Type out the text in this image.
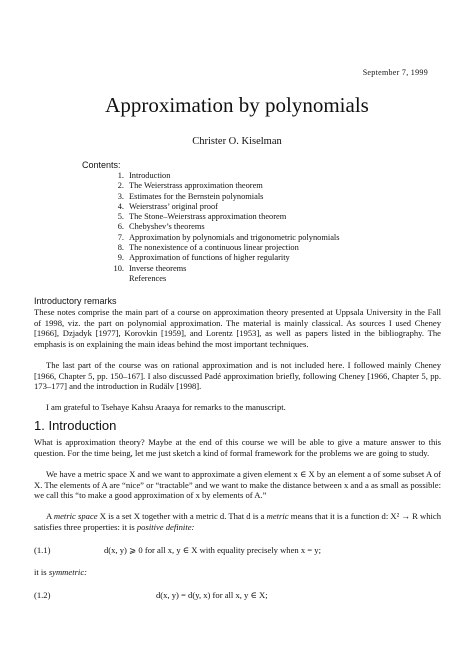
September 7, 1999
Approximation by polynomials
Christer O. Kiselman
Contents:
1. Introduction
2. The Weierstrass approximation theorem
3. Estimates for the Bernstein polynomials
4. Weierstrass’ original proof
5. The Stone–Weierstrass approximation theorem
6. Chebyshev’s theorems
7. Approximation by polynomials and trigonometric polynomials
8. The nonexistence of a continuous linear projection
9. Approximation of functions of higher regularity
10. Inverse theorems
References
Introductory remarks

These notes comprise the main part of a course on approximation theory presented at Uppsala University in the Fall of 1998, viz. the part on polynomial approximation. The material is mainly classical. As sources I used Cheney [1966], Dzjadyk [1977], Korovkin [1959], and Lorentz [1953], as well as papers listed in the bibliography. The emphasis is on explaining the main ideas behind the most important techniques.

The last part of the course was on rational approximation and is not included here. I followed mainly Cheney [1966, Chapter 5, pp. 150–167]. I also discussed Padé approximation briefly, following Cheney [1966, Chapter 5, pp. 173–177] and the introduction in Rudälv [1998].

I am grateful to Tsehaye Kahsu Araaya for remarks to the manuscript.

1. Introduction

What is approximation theory? Maybe at the end of this course we will be able to give a mature answer to this question. For the time being, let me just sketch a kind of formal framework for the problems we are going to study.

We have a metric space X and we want to approximate a given element x ∈ X by an element a of some subset A of X. The elements of A are “nice” or “tractable” and we want to make the distance between x and a as small as possible: we call this “to make a good approximation of x by elements of A.”

A metric space X is a set X together with a metric d. That d is a metric means that it is a function d: X² → R which satisfies three properties: it is positive definite:

(1.1)	d(x, y) ⩾ 0 for all x, y ∈ X with equality precisely when x = y;
it is symmetric:
(1.2)	d(x, y) = d(y, x) for all x, y ∈ X;
